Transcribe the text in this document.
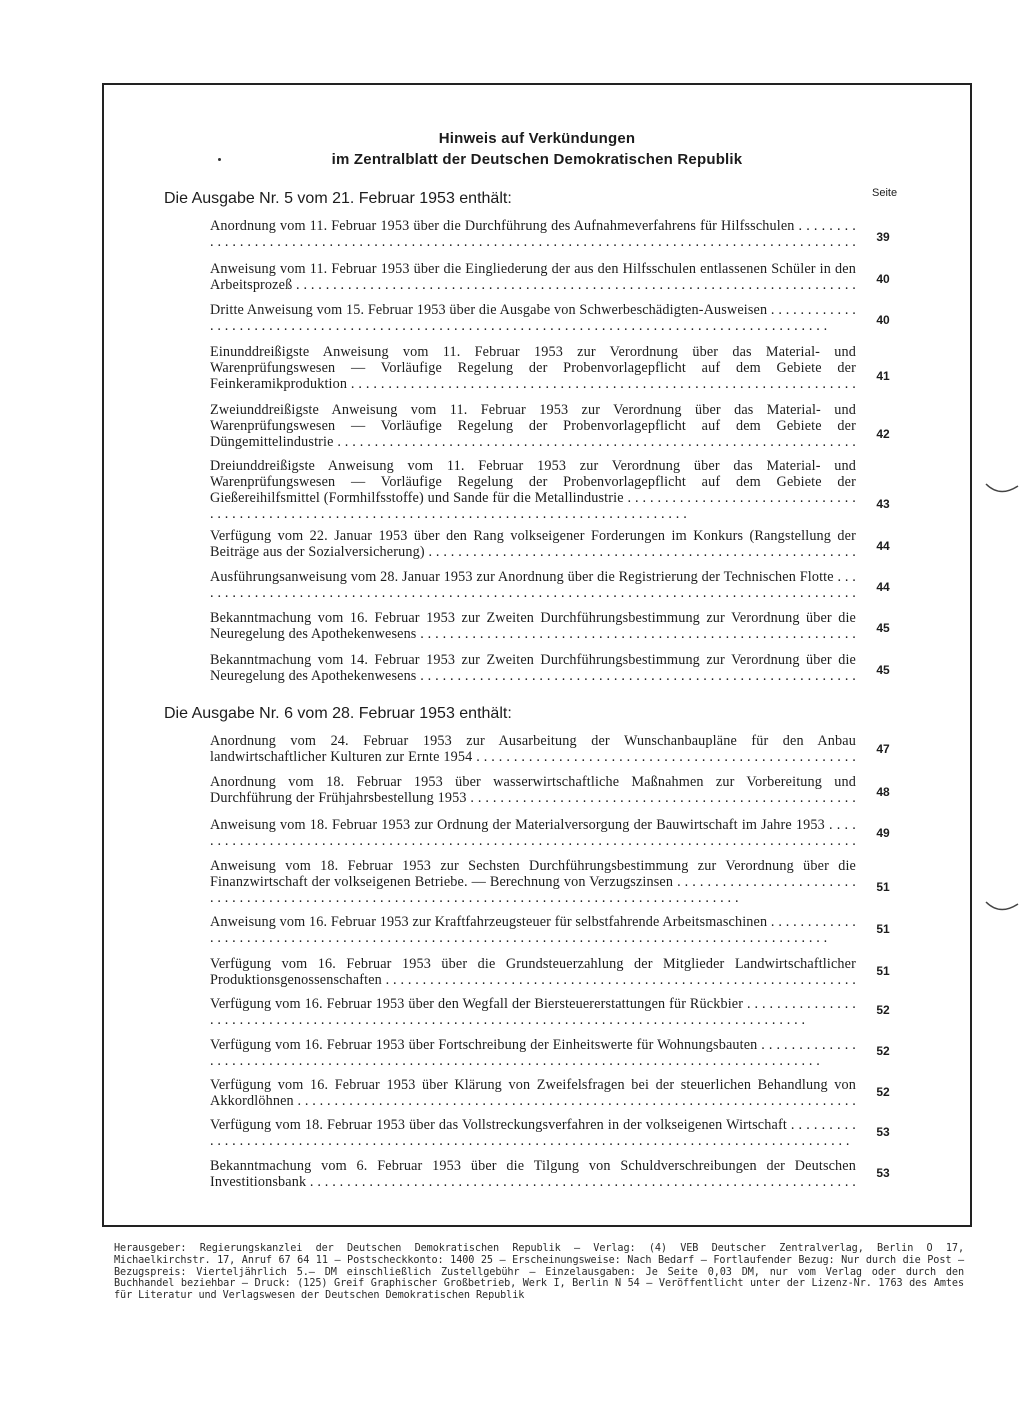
Hinweis auf Verkündungen
im Zentralblatt der Deutschen Demokratischen Republik
Seite
Die Ausgabe Nr. 5 vom 21. Februar 1953 enthält:
Anordnung vom 11. Februar 1953 über die Durchführung des Aufnahmeverfahrens für Hilfsschulen . . .
39
Anweisung vom 11. Februar 1953 über die Eingliederung der aus den Hilfsschulen entlassenen Schüler in den Arbeitsprozeß . . .	40
Dritte Anweisung vom 15. Februar 1953 über die Ausgabe von Schwerbeschädigten-Ausweisen . . .
40
Einunddreißigste Anweisung vom 11. Februar 1953 zur Verordnung über das Material- und Warenprüfungswesen — Vorläufige Regelung der Probenvorlagepflicht auf dem Gebiete der Feinkeramikproduktion . . .	41
Zweiunddreißigste Anweisung vom 11. Februar 1953 zur Verordnung über das Material- und Warenprüfungswesen — Vorläufige Regelung der Probenvorlagepflicht auf dem Gebiete der Düngemittelindustrie . . .	42
Dreiunddreißigste Anweisung vom 11. Februar 1953 zur Verordnung über das Material- und Warenprüfungswesen — Vorläufige Regelung der Probenvorlagepflicht auf dem Gebiete der Gießereihilfsmittel (Formhilfsstoffe) und Sande für die Metallindustrie . . .	43
Verfügung vom 22. Januar 1953 über den Rang volkseigener Forderungen im Konkurs (Rangstellung der Beiträge aus der Sozialversicherung) . . .	44
Ausführungsanweisung vom 28. Januar 1953 zur Anordnung über die Registrierung der Technischen Flotte . . .
44
Bekanntmachung vom 16. Februar 1953 zur Zweiten Durchführungsbestimmung zur Verordnung über die Neuregelung des Apothekenwesens . . .	45
Bekanntmachung vom 14. Februar 1953 zur Zweiten Durchführungsbestimmung zur Verordnung über die Neuregelung des Apothekenwesens . . .	45
Die Ausgabe Nr. 6 vom 28. Februar 1953 enthält:
Anordnung vom 24. Februar 1953 zur Ausarbeitung der Wunschanbaupläne für den Anbau landwirtschaftlicher Kulturen zur Ernte 1954 . . .	47
Anordnung vom 18. Februar 1953 über wasserwirtschaftliche Maßnahmen zur Vorbereitung und Durchführung der Frühjahrsbestellung 1953 . . .	48
Anweisung vom 18. Februar 1953 zur Ordnung der Materialversorgung der Bauwirtschaft im Jahre 1953 . . .	49
Anweisung vom 18. Februar 1953 zur Sechsten Durchführungsbestimmung zur Verordnung über die Finanzwirtschaft der volkseigenen Betriebe. — Berechnung von Verzugszinsen . . .	51
Anweisung vom 16. Februar 1953 zur Kraftfahrzeugsteuer für selbstfahrende Arbeitsmaschinen . . .	51
Verfügung vom 16. Februar 1953 über die Grundsteuerzahlung der Mitglieder Landwirtschaftlicher Produktionsgenossenschaften . . .
51
Verfügung vom 16. Februar 1953 über den Wegfall der Biersteuererstattungen für Rückbier . . .	52
Verfügung vom 16. Februar 1953 über Fortschreibung der Einheitswerte für Wohnungsbauten . . .	52
Verfügung vom 16. Februar 1953 über Klärung von Zweifelsfragen bei der steuerlichen Behandlung von Akkordlöhnen . . .
52
Verfügung vom 18. Februar 1953 über das Vollstreckungsverfahren in der volkseigenen Wirtschaft . . .	53
Bekanntmachung vom 6. Februar 1953 über die Tilgung von Schuldverschreibungen der Deutschen Investitionsbank . . .
53
Herausgeber: Regierungskanzlei der Deutschen Demokratischen Republik — Verlag: (4) VEB Deutscher Zentralverlag, Berlin O 17, Michaelkirchstr. 17, Anruf 67 64 11 — Postscheckkonto: 1400 25 — Erscheinungsweise: Nach Bedarf — Fortlaufender Bezug: Nur durch die Post — Bezugspreis: Vierteljährlich 5.— DM einschließlich Zustellgebühr — Einzelausgaben: Je Seite 0,03 DM, nur vom Verlag oder durch den Buchhandel beziehbar — Druck: (125) Greif Graphischer Großbetrieb, Werk I, Berlin N 54 — Veröffentlicht unter der Lizenz-Nr. 1763 des Amtes für Literatur und Verlagswesen der Deutschen Demokratischen Republik
